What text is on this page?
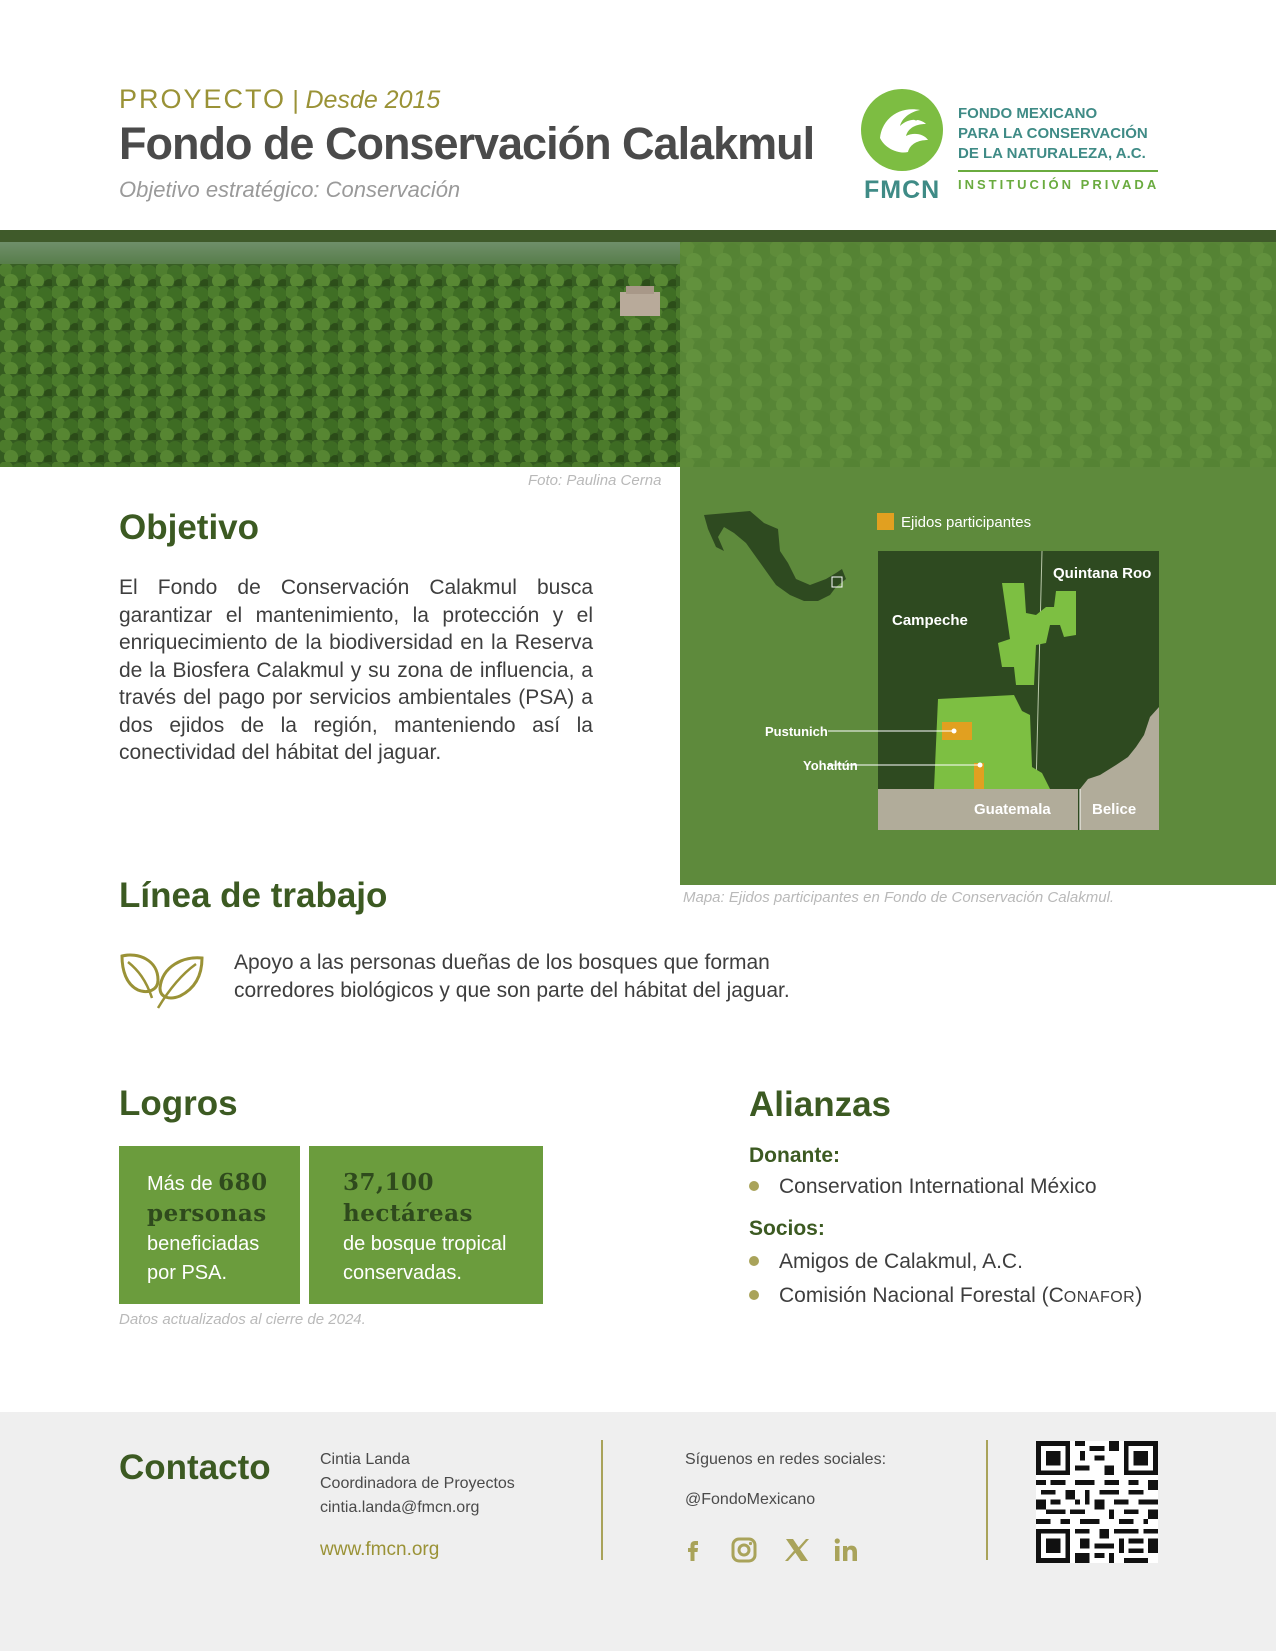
PROYECTO | Desde 2015
Fondo de Conservación Calakmul
Objetivo estratégico: Conservación	FMCN
FONDO MEXICANO
PARA LA CONSERVACIÓN
DE LA NATURALEZA, A.C.
INSTITUCIÓN PRIVADA
Foto: Paulina Cerna
Ejidos participantes
Quintana Roo
Campeche
Pustunich
Yohaltún
Guatemala	Belice
Mapa: Ejidos participantes en Fondo de Conservación Calakmul.
Objetivo

El Fondo de Conservación Calakmul busca garantizar el mantenimiento, la protección y el enriquecimiento de la biodiversidad en la Reserva de la Biosfera Calakmul y su zona de influencia, a través del pago por servicios ambientales (PSA) a dos ejidos de la región, manteniendo así la conectividad del hábitat del jaguar.

Línea de trabajo

Apoyo a las personas dueñas de los bosques que forman corredores biológicos y que son parte del hábitat del jaguar.

Logros
Más de 680
personas
beneficiadas
por PSA.
37,100
hectáreas
de bosque tropical
conservadas.
Datos actualizados al cierre de 2024.
Alianzas
Donante:
Conservation International México
Socios:
Amigos de Calakmul, A.C.
Comisión Nacional Forestal (CONAFOR)
Contacto	Cintia Landa
Coordinadora de Proyectos
cintia.landa@fmcn.org
www.fmcn.org
Síguenos en redes sociales:
@FondoMexicano
